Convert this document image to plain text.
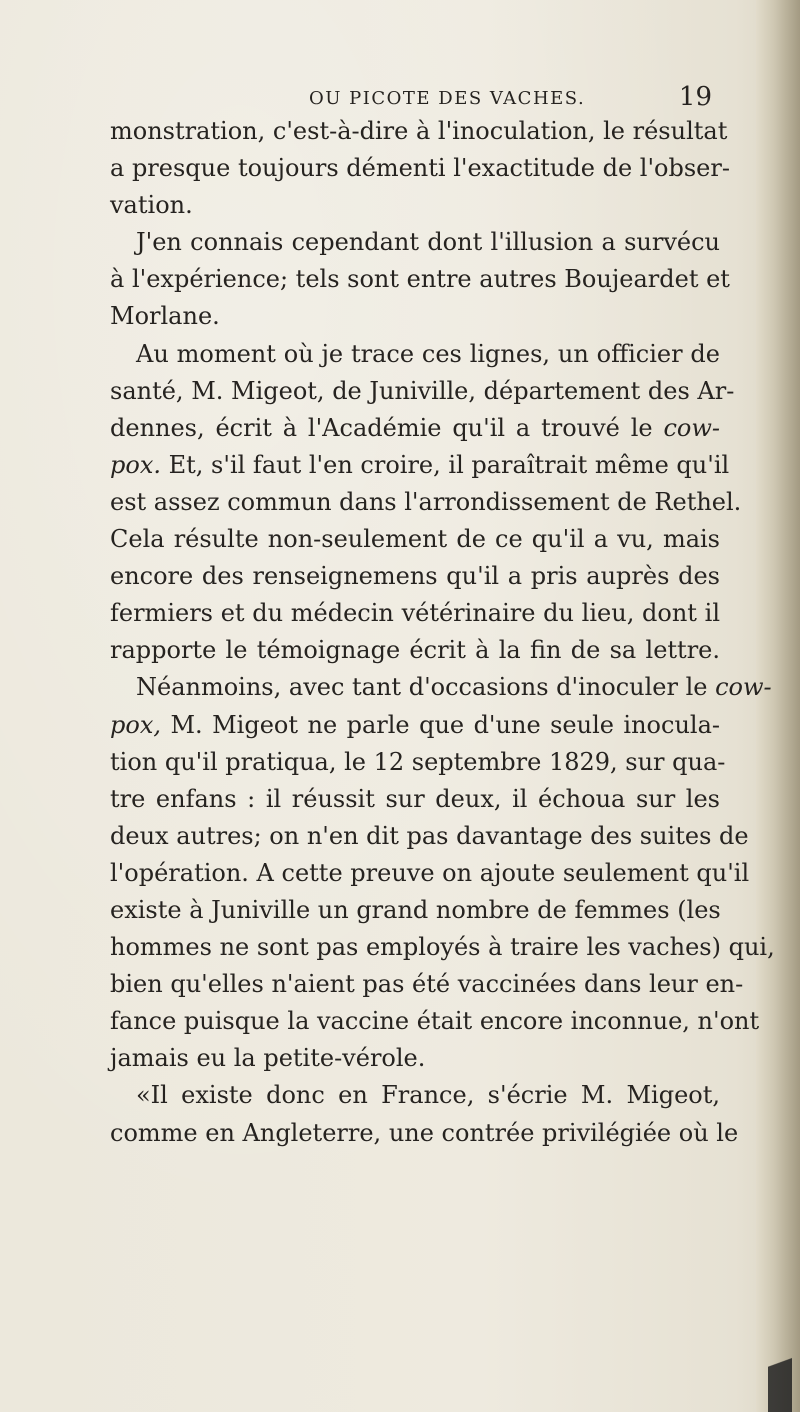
OU PICOTE DES VACHES.	19
monstration, c'est-à-dire à l'inoculation, le résultat
a presque toujours démenti l'exactitude de l'obser-
vation.
J'en connais cependant dont l'illusion a survécu
à l'expérience; tels sont entre autres Boujeardet et
Morlane.
Au moment où je trace ces lignes, un officier de
santé, M. Migeot, de Juniville, département des Ar-
dennes, écrit à l'Académie qu'il a trouvé le cow-
pox. Et, s'il faut l'en croire, il paraîtrait même qu'il
est assez commun dans l'arrondissement de Rethel.
Cela résulte non-seulement de ce qu'il a vu, mais
encore des renseignemens qu'il a pris auprès des
fermiers et du médecin vétérinaire du lieu, dont il
rapporte le témoignage écrit à la fin de sa lettre.
Néanmoins, avec tant d'occasions d'inoculer le cow-
pox, M. Migeot ne parle que d'une seule inocula-
tion qu'il pratiqua, le 12 septembre 1829, sur qua-
tre enfans : il réussit sur deux, il échoua sur les
deux autres; on n'en dit pas davantage des suites de
l'opération. A cette preuve on ajoute seulement qu'il
existe à Juniville un grand nombre de femmes (les
hommes ne sont pas employés à traire les vaches) qui,
bien qu'elles n'aient pas été vaccinées dans leur en-
fance puisque la vaccine était encore inconnue, n'ont
jamais eu la petite-vérole.
«Il existe donc en France, s'écrie M. Migeot,
comme en Angleterre, une contrée privilégiée où le
